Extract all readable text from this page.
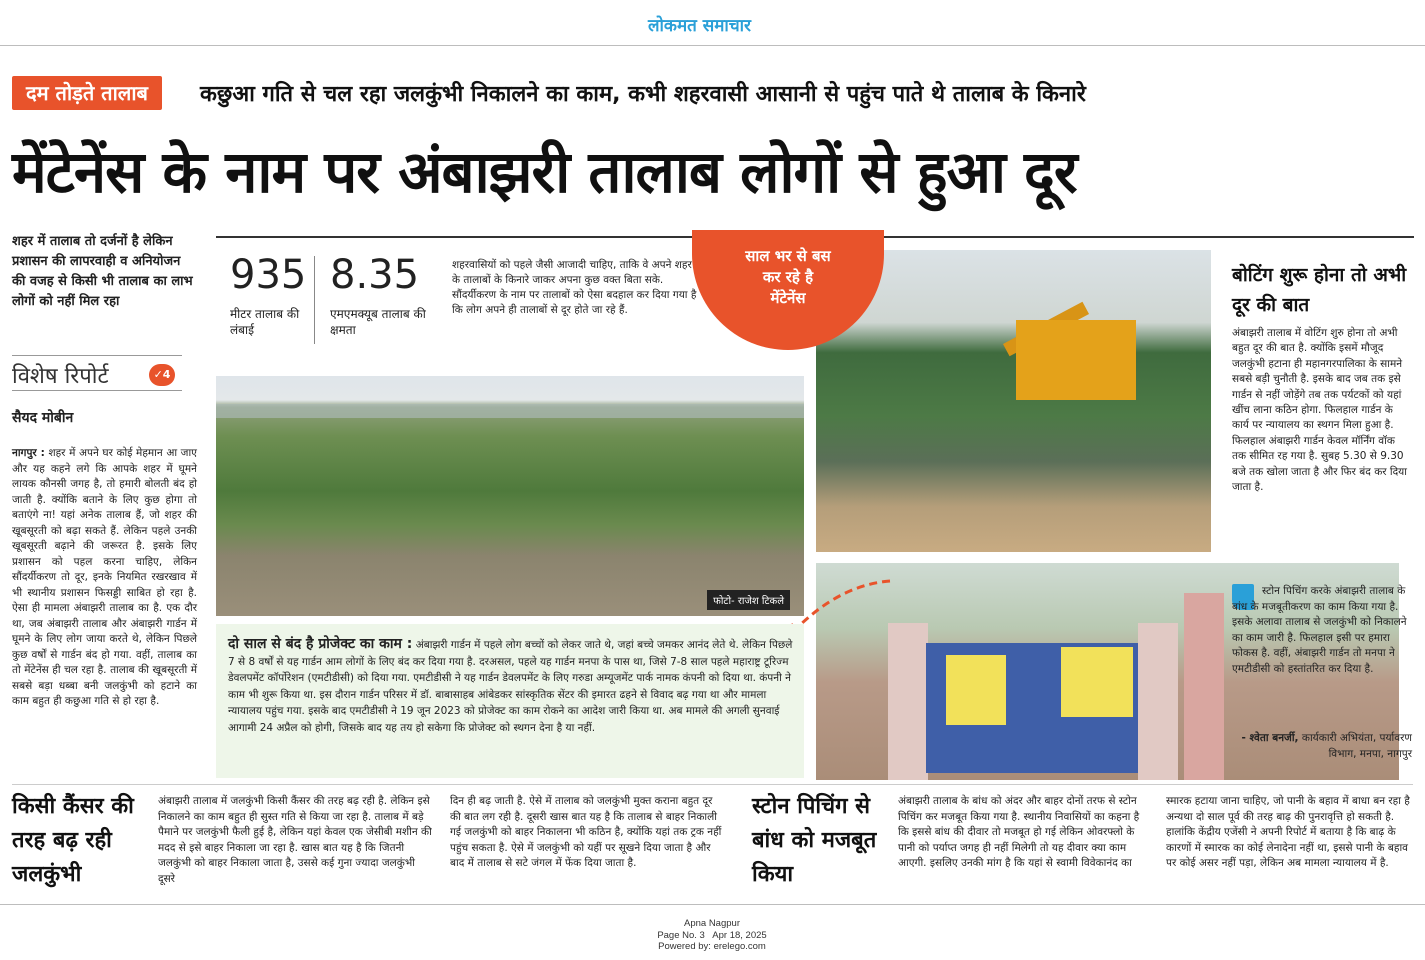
लोकमत समाचार
दम तोड़ते तालाब	कछुआ गति से चल रहा जलकुंभी निकालने का काम, कभी शहरवासी आसानी से पहुंच पाते थे तालाब के किनारे
मेंटेनेंस के नाम पर अंबाझरी तालाब लोगों से हुआ दूर
शहर में तालाब तो दर्जनों है लेकिन प्रशासन की लापरवाही व अनियोजन की वजह से किसी भी तालाब का लाभ लोगों को नहीं मिल रहा
विशेष रिपोर्ट	✓4
सैयद मोबीन
नागपुर : शहर में अपने घर कोई मेहमान आ जाए और यह कहने लगे कि आपके शहर में घूमने लायक कौनसी जगह है, तो हमारी बोलती बंद हो जाती है. क्योंकि बताने के लिए कुछ होगा तो बताएंगे ना! यहां अनेक तालाब हैं, जो शहर की खूबसूरती को बढ़ा सकते हैं. लेकिन पहले उनकी खूबसूरती बढ़ाने की जरूरत है. इसके लिए प्रशासन को पहल करना चाहिए, लेकिन सौंदर्यीकरण तो दूर, इनके नियमित रखरखाव में भी स्थानीय प्रशासन फिसड्डी साबित हो रहा है. ऐसा ही मामला अंबाझरी तालाब का है. एक दौर था, जब अंबाझरी तालाब और अंबाझरी गार्डन में घूमने के लिए लोग जाया करते थे, लेकिन पिछले कुछ वर्षों से गार्डन बंद हो गया. वहीं, तालाब का तो मेंटेनेंस ही चल रहा है. तालाब की खूबसूरती में सबसे बड़ा धब्बा बनी जलकुंभी को हटाने का काम बहुत ही कछुआ गति से हो रहा है.
935
मीटर तालाब की लंबाई
8.35
एमएमक्यूब तालाब की क्षमता
शहरवासियों को पहले जैसी आजादी चाहिए, ताकि वे अपने शहर के तालाबों के किनारे जाकर अपना कुछ वक्त बिता सके. सौंदर्यीकरण के नाम पर तालाबों को ऐसा बदहाल कर दिया गया है कि लोग अपने ही तालाबों से दूर होते जा रहे हैं.
साल भर से बस
कर रहे है
मेंटेनेंस
फोटो- राजेश टिकले
दो साल से बंद है प्रोजेक्ट का काम : अंबाझरी गार्डन में पहले लोग बच्चों को लेकर जाते थे, जहां बच्चे जमकर आनंद लेते थे. लेकिन पिछले 7 से 8 वर्षों से यह गार्डन आम लोगों के लिए बंद कर दिया गया है. दरअसल, पहले यह गार्डन मनपा के पास था, जिसे 7-8 साल पहले महाराष्ट्र टूरिज्म डेवलपमेंट कॉर्पोरेशन (एमटीडीसी) को दिया गया. एमटीडीसी ने यह गार्डन डेवलपमेंट के लिए गरुडा अम्यूजमेंट पार्क नामक कंपनी को दिया था. कंपनी ने काम भी शुरू किया था. इस दौरान गार्डन परिसर में डॉ. बाबासाहब आंबेडकर सांस्कृतिक सेंटर की इमारत ढहने से विवाद बढ़ गया था और मामला न्यायालय पहुंच गया. इसके बाद एमटीडीसी ने 19 जून 2023 को प्रोजेक्ट का काम रोकने का आदेश जारी किया था. अब मामले की अगली सुनवाई आगामी 24 अप्रैल को होगी, जिसके बाद यह तय हो सकेगा कि प्रोजेक्ट को स्थगन देना है या नहीं.
बोटिंग शुरू होना तो अभी दूर की बात
अंबाझरी तालाब में वोटिंग शुरु होना तो अभी बहुत दूर की बात है. क्योंकि इसमें मौजूद जलकुंभी हटाना ही महानगरपालिका के सामने सबसे बड़ी चुनौती है. इसके बाद जब तक इसे गार्डन से नहीं जोड़ेंगे तब तक पर्यटकों को यहां खींच लाना कठिन होगा. फिलहाल गार्डन के कार्य पर न्यायालय का स्थगन मिला हुआ है. फिलहाल अंबाझरी गार्डन केवल मॉर्निंग वॉक तक सीमित रह गया है. सुबह 5.30 से 9.30 बजे तक खोला जाता है और फिर बंद कर दिया जाता है.
स्टोन पिचिंग करके अंबाझरी तालाब के बांध के मजबूतीकरण का काम किया गया है. इसके अलावा तालाब से जलकुंभी को निकालने का काम जारी है. फिलहाल इसी पर हमारा फोकस है. वहीं, अंबाझरी गार्डन तो मनपा ने एमटीडीसी को हस्तांतरित कर दिया है.
- श्वेता बनर्जी, कार्यकारी अभियंता, पर्यावरण विभाग, मनपा, नागपुर
किसी कैंसर की तरह बढ़ रही जलकुंभी
अंबाझरी तालाब में जलकुंभी किसी कैंसर की तरह बढ़ रही है. लेकिन इसे निकालने का काम बहुत ही सुस्त गति से किया जा रहा है. तालाब में बड़े पैमाने पर जलकुंभी फैली हुई है, लेकिन यहां केवल एक जेसीबी मशीन की मदद से इसे बाहर निकाला जा रहा है. खास बात यह है कि जितनी जलकुंभी को बाहर निकाला जाता है, उससे कई गुना ज्यादा जलकुंभी दूसरे
दिन ही बढ़ जाती है. ऐसे में तालाब को जलकुंभी मुक्त कराना बहुत दूर की बात लग रही है. दूसरी खास बात यह है कि तालाब से बाहर निकाली गई जलकुंभी को बाहर निकालना भी कठिन है, क्योंकि यहां तक ट्रक नहीं पहुंच सकता है. ऐसे में जलकुंभी को यहीं पर सूखने दिया जाता है और बाद में तालाब से सटे जंगल में फेंक दिया जाता है.
स्टोन पिचिंग से बांध को मजबूत किया
अंबाझरी तालाब के बांध को अंदर और बाहर दोनों तरफ से स्टोन पिचिंग कर मजबूत किया गया है. स्थानीय निवासियों का कहना है कि इससे बांध की दीवार तो मजबूत हो गई लेकिन ओवरफ्लो के पानी को पर्याप्त जगह ही नहीं मिलेगी तो यह दीवार क्या काम आएगी. इसलिए उनकी मांग है कि यहां से स्वामी विवेकानंद का
स्मारक हटाया जाना चाहिए, जो पानी के बहाव में बाधा बन रहा है अन्यथा दो साल पूर्व की तरह बाढ़ की पुनरावृत्ति हो सकती है. हालांकि केंद्रीय एजेंसी ने अपनी रिपोर्ट में बताया है कि बाढ़ के कारणों में स्मारक का कोई लेनादेना नहीं था, इससे पानी के बहाव पर कोई असर नहीं पड़ा, लेकिन अब मामला न्यायालय में है.
Apna Nagpur
Page No. 3 Apr 18, 2025
Powered by: erelego.com
